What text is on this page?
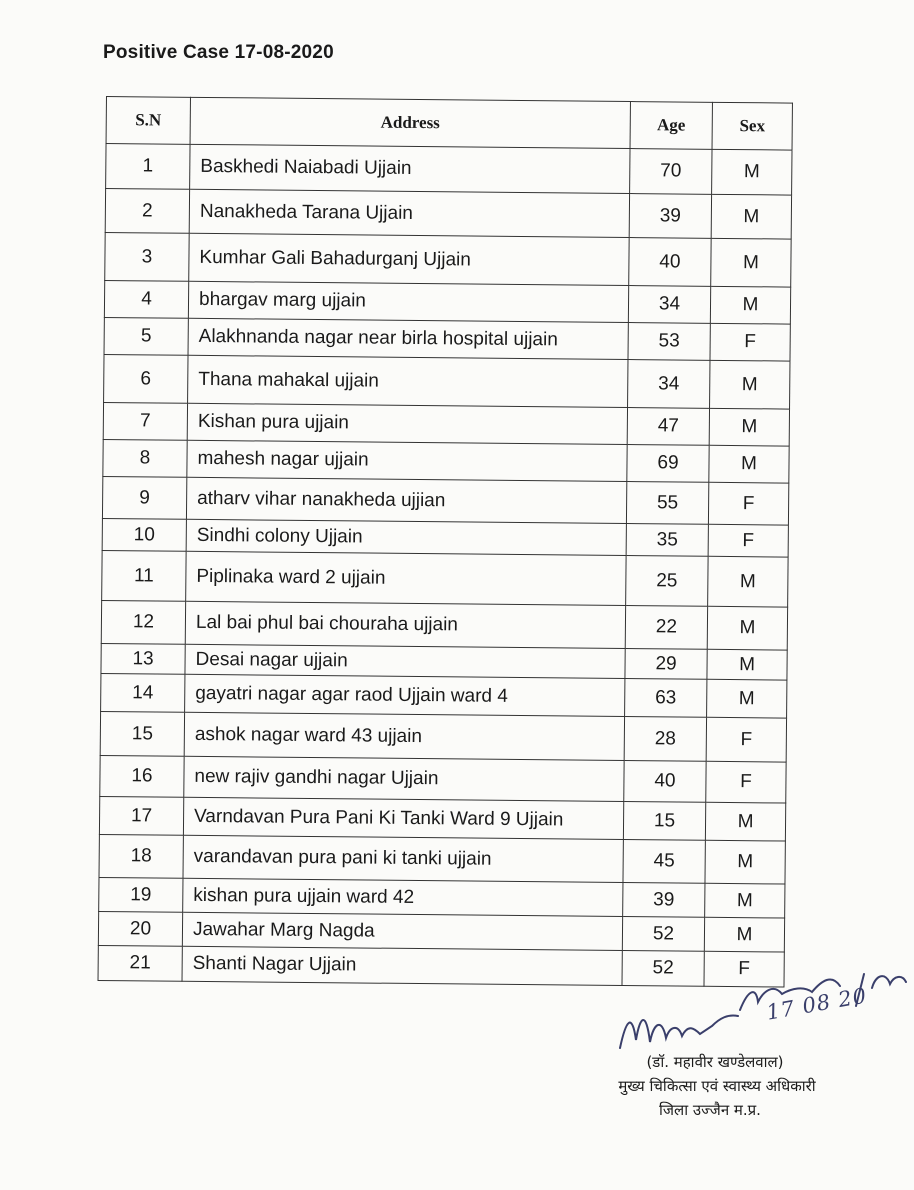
Positive Case 17-08-2020
S.N	Address	Age	Sex
1	Baskhedi Naiabadi Ujjain	70	M
2	Nanakheda Tarana Ujjain	39	M
3	Kumhar Gali Bahadurganj Ujjain	40	M
4	bhargav marg ujjain	34	M
5	Alakhnanda nagar near birla hospital ujjain	53	F
6	Thana mahakal ujjain	34	M
7	Kishan pura ujjain	47	M
8	mahesh nagar ujjain	69	M
9	atharv vihar nanakheda ujjian	55	F
10	Sindhi colony Ujjain	35	F
11	Piplinaka ward 2 ujjain	25	M
12	Lal bai phul bai chouraha ujjain	22	M
13	Desai nagar ujjain	29	M
14	gayatri nagar agar raod Ujjain ward 4	63	M
15	ashok nagar ward 43 ujjain	28	F
16	new rajiv gandhi nagar Ujjain	40	F
17	Varndavan Pura Pani Ki Tanki Ward 9 Ujjain	15	M
18	varandavan pura pani ki tanki ujjain	45	M
19	kishan pura ujjain ward 42	39	M
20	Jawahar Marg Nagda	52	M
21	Shanti Nagar Ujjain	52	F
17 08 20
(डॉ. महावीर खण्डेलवाल)
मुख्य चिकित्सा एवं स्वास्थ्य अधिकारी
जिला उज्जैन म.प्र.
